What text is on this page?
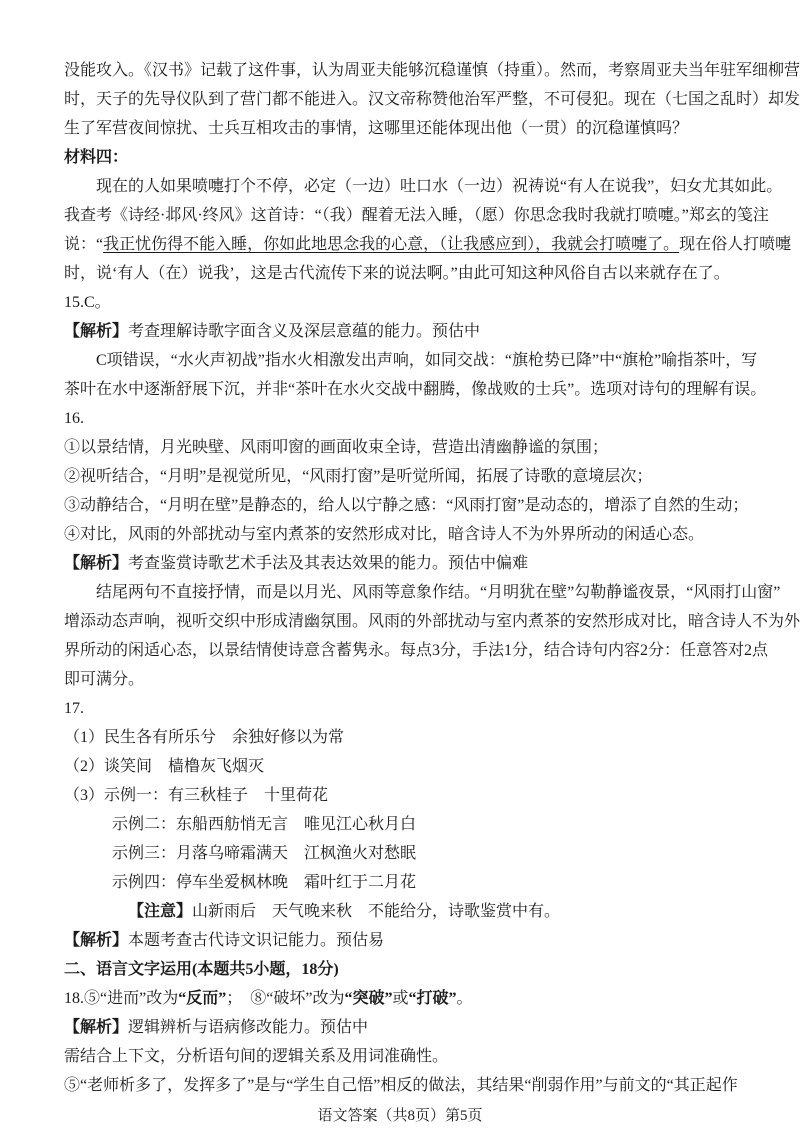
没能攻入。《汉书》记载了这件事，认为周亚夫能够沉稳谨慎（持重）。然而，考察周亚夫当年驻军细柳营
时，天子的先导仪队到了营门都不能进入。汉文帝称赞他治军严整，不可侵犯。现在（七国之乱时）却发
生了军营夜间惊扰、士兵互相攻击的事情，这哪里还能体现出他（一贯）的沉稳谨慎吗？
材料四：
现在的人如果喷嚏打个不停，必定（一边）吐口水（一边）祝祷说“有人在说我”，妇女尤其如此。
我查考《诗经·邶风·终风》这首诗：“（我）醒着无法入睡，（愿）你思念我时我就打喷嚏。”郑玄的笺注
说：“我正忧伤得不能入睡，你如此地思念我的心意，（让我感应到），我就会打喷嚏了。现在俗人打喷嚏
时，说‘有人（在）说我’，这是古代流传下来的说法啊。”由此可知这种风俗自古以来就存在了。
15.C。
【解析】考查理解诗歌字面含义及深层意蕴的能力。预估中
C项错误，“水火声初战”指水火相激发出声响，如同交战：“旗枪势已降”中“旗枪”喻指茶叶，写
茶叶在水中逐渐舒展下沉，并非“茶叶在水火交战中翻腾，像战败的士兵”。选项对诗句的理解有误。
16.
①以景结情，月光映壁、风雨叩窗的画面收束全诗，营造出清幽静谧的氛围；
②视听结合，“月明”是视觉所见，“风雨打窗”是听觉所闻，拓展了诗歌的意境层次；
③动静结合，“月明在壁”是静态的，给人以宁静之感：“风雨打窗”是动态的，增添了自然的生动；
④对比，风雨的外部扰动与室内煮茶的安然形成对比，暗含诗人不为外界所动的闲适心态。
【解析】考查鉴赏诗歌艺术手法及其表达效果的能力。预估中偏难
结尾两句不直接抒情，而是以月光、风雨等意象作结。“月明犹在壁”勾勒静谧夜景，“风雨打山窗”
增添动态声响，视听交织中形成清幽氛围。风雨的外部扰动与室内煮茶的安然形成对比，暗含诗人不为外
界所动的闲适心态，以景结情使诗意含蓄隽永。每点3分，手法1分，结合诗句内容2分：任意答对2点
即可满分。
17.
（1）民生各有所乐兮　余独好修以为常
（2）谈笑间　樯橹灰飞烟灭
（3）示例一：有三秋桂子　十里荷花
示例二：东船西舫悄无言　唯见江心秋月白
示例三：月落乌啼霜满天　江枫渔火对愁眠
示例四：停车坐爱枫林晚　霜叶红于二月花
【注意】山新雨后　天气晚来秋　不能给分，诗歌鉴赏中有。
【解析】本题考查古代诗文识记能力。预估易
二、语言文字运用(本题共5小题，18分)
18.⑤“进而”改为“反而”；　⑧“破坏”改为“突破”或“打破”。
【解析】逻辑辨析与语病修改能力。预估中
需结合上下文，分析语句间的逻辑关系及用词准确性。
⑤“老师析多了，发挥多了”是与“学生自己悟”相反的做法，其结果“削弱作用”与前文的“其正起作
语文答案（共8页）第5页
